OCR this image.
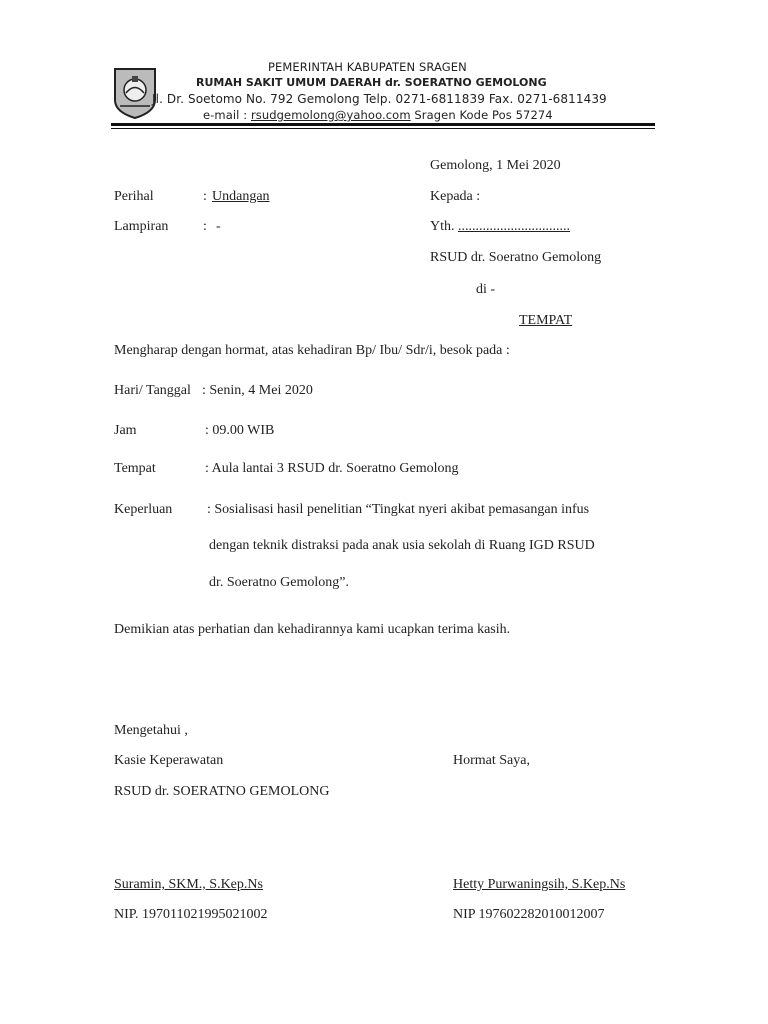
PEMERINTAH KABUPATEN SRAGEN
RUMAH SAKIT UMUM DAERAH dr. SOERATNO GEMOLONG
Jl. Dr. Soetomo No. 792 Gemolong Telp. 0271-6811839 Fax. 0271-6811439
e-mail : rsudgemolong@yahoo.com Sragen Kode Pos 57274
Gemolong, 1 Mei 2020
Perihal	: Undangan
Lampiran : -
Kepada :
Yth. ................................
RSUD dr. Soeratno Gemolong
di -
TEMPAT
Mengharap dengan hormat, atas kehadiran Bp/ Ibu/ Sdr/i, besok pada :
Hari/ Tanggal : Senin, 4 Mei 2020
Jam	: 09.00 WIB
Tempat	: Aula lantai 3 RSUD dr. Soeratno Gemolong
Keperluan : Sosialisasi hasil penelitian “Tingkat nyeri akibat pemasangan infus
dengan teknik distraksi pada anak usia sekolah di Ruang IGD RSUD
dr. Soeratno Gemolong”.
Demikian atas perhatian dan kehadirannya kami ucapkan terima kasih.
Mengetahui ,
Kasie Keperawatan
RSUD dr. SOERATNO GEMOLONG
Suramin, SKM., S.Kep.Ns
NIP. 197011021995021002
Hormat Saya,
Hetty Purwaningsih, S.Kep.Ns
NIP 197602282010012007
